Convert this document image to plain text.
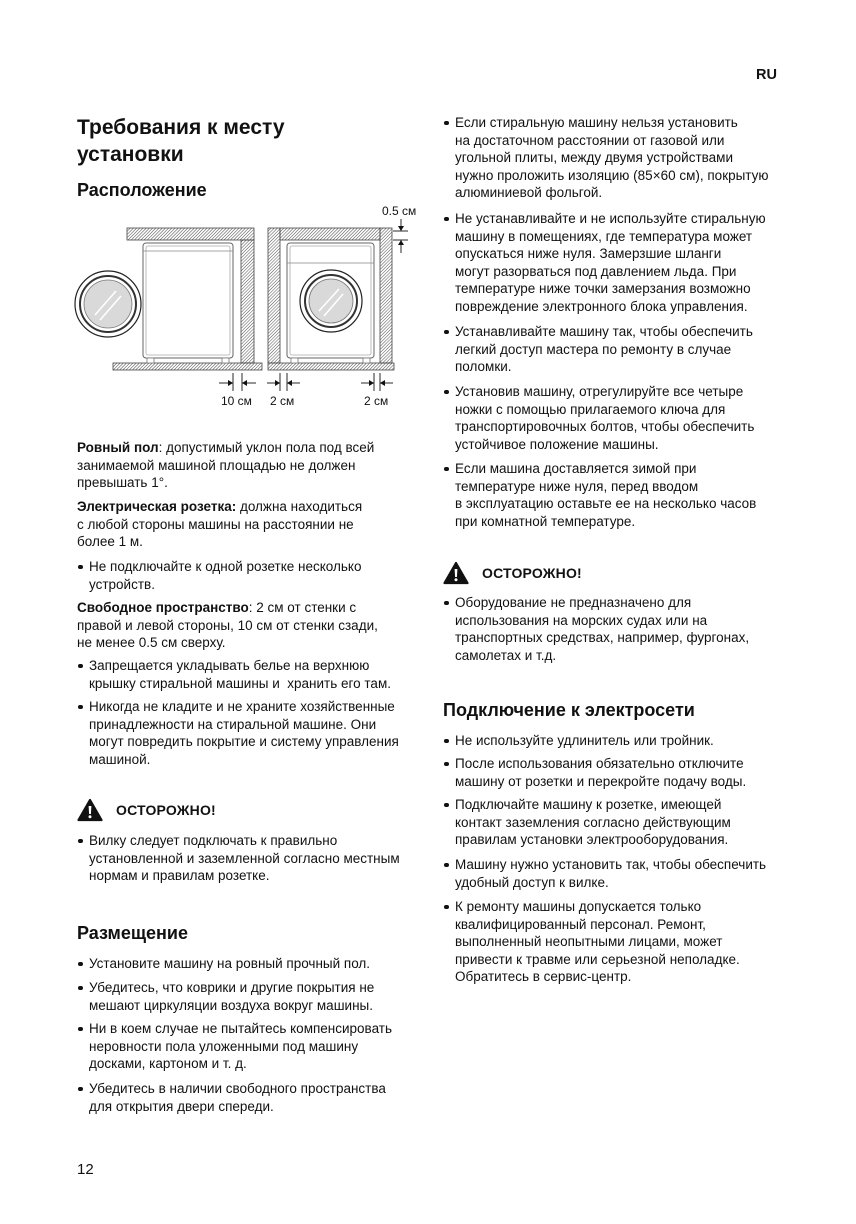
RU
Требования к месту
установки
Расположение
0.5 см
10 см 2 см	2 см
Ровный пол: допустимый уклон пола под всей
занимаемой машиной площадью не должен
превышать 1°.
Электрическая розетка: должна находиться
с любой стороны машины на расстоянии не
более 1 м.
Не подключайте к одной розетке несколько
устройств.
Свободное пространство: 2 см от стенки с
правой и левой стороны, 10 см от стенки сзади,
не менее 0.5 см сверху.
Запрещается укладывать белье на верхнюю
крышку стиральной машины и  хранить его там.
Никогда не кладите и не храните хозяйственные
принадлежности на стиральной машине. Они
могут повредить покрытие и систему управления
машиной.
ОСТОРОЖНО!
Вилку следует подключать к правильно
установленной и заземленной согласно местным
нормам и правилам розетке.
Размещение
Установите машину на ровный прочный пол.
Убедитесь, что коврики и другие покрытия не
мешают циркуляции воздуха вокруг машины.
Ни в коем случае не пытайтесь компенсировать
неровности пола уложенными под машину
досками, картоном и т. д.
Убедитесь в наличии свободного пространства
для открытия двери спереди.
12
Если стиральную машину нельзя установить
на достаточном расстоянии от газовой или
угольной плиты, между двумя устройствами
нужно проложить изоляцию (85×60 см), покрытую
алюминиевой фольгой.
Не устанавливайте и не используйте стиральную
машину в помещениях, где температура может
опускаться ниже нуля. Замерзшие шланги
могут разорваться под давлением льда. При
температуре ниже точки замерзания возможно
повреждение электронного блока управления.
Устанавливайте машину так, чтобы обеспечить
легкий доступ мастера по ремонту в случае
поломки.
Установив машину, отрегулируйте все четыре
ножки с помощью прилагаемого ключа для
транспортировочных болтов, чтобы обеспечить
устойчивое положение машины.
Если машина доставляется зимой при
температуре ниже нуля, перед вводом
в эксплуатацию оставьте ее на несколько часов
при комнатной температуре.
ОСТОРОЖНО!
Оборудование не предназначено для
использования на морских судах или на
транспортных средствах, например, фургонах,
самолетах и т.д.
Подключение к электросети
Не используйте удлинитель или тройник.
После использования обязательно отключите
машину от розетки и перекройте подачу воды.
Подключайте машину к розетке, имеющей
контакт заземления согласно действующим
правилам установки электрооборудования.
Машину нужно установить так, чтобы обеспечить
удобный доступ к вилке.
К ремонту машины допускается только
квалифицированный персонал. Ремонт,
выполненный неопытными лицами, может
привести к травме или серьезной неполадке.
Обратитесь в сервис-центр.
